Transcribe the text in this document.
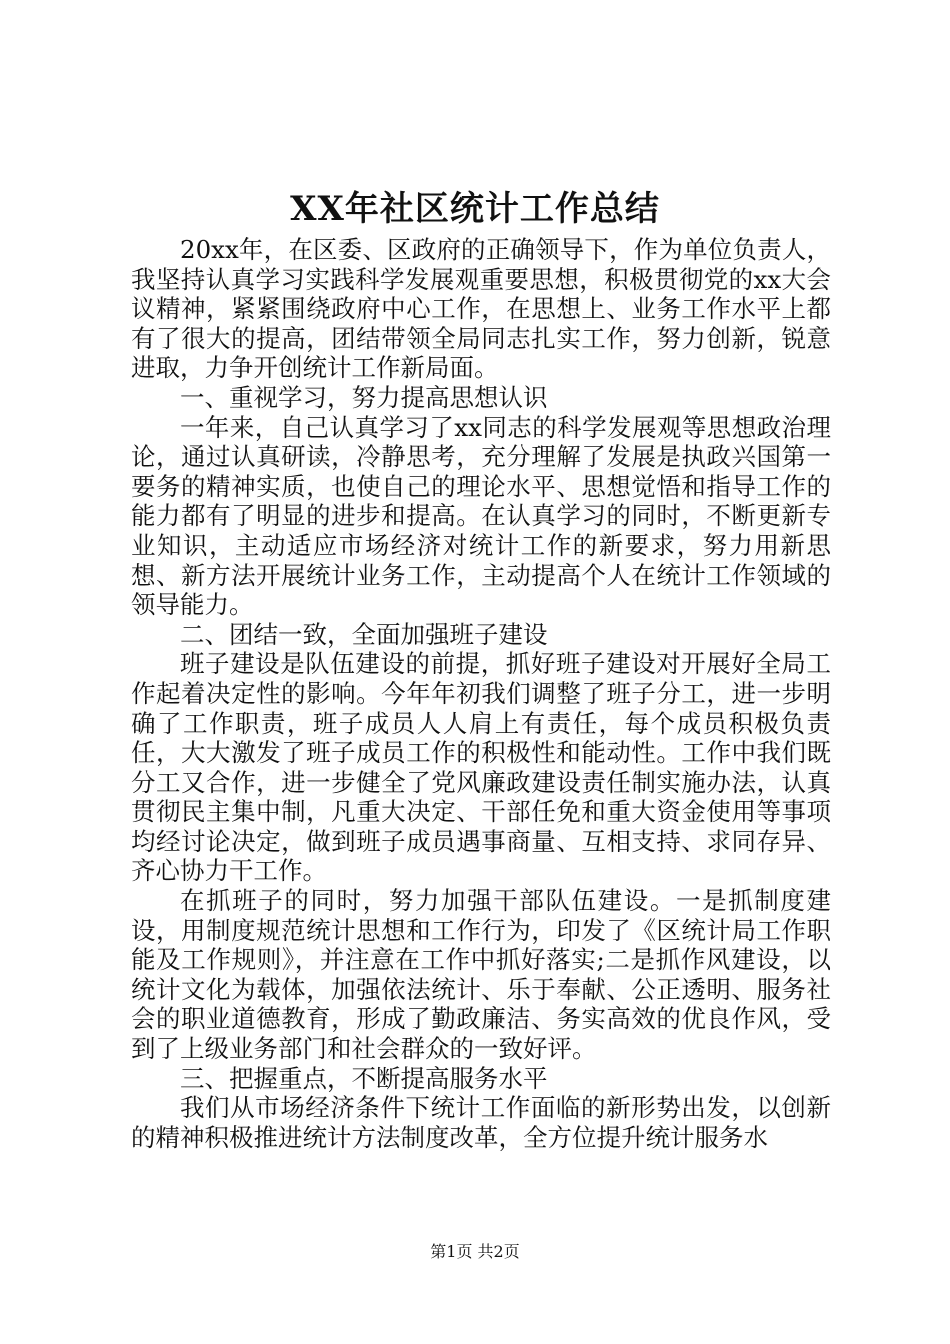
XX年社区统计工作总结

20xx年，在区委、区政府的正确领导下，作为单位负责人，我坚持认真学习实践科学发展观重要思想，积极贯彻党的xx大会议精神，紧紧围绕政府中心工作，在思想上、业务工作水平上都有了很大的提高，团结带领全局同志扎实工作，努力创新，锐意进取，力争开创统计工作新局面。

一、重视学习，努力提高思想认识

一年来，自己认真学习了xx同志的科学发展观等思想政治理论，通过认真研读，冷静思考，充分理解了发展是执政兴国第一要务的精神实质，也使自己的理论水平、思想觉悟和指导工作的能力都有了明显的进步和提高。在认真学习的同时，不断更新专业知识，主动适应市场经济对统计工作的新要求，努力用新思想、新方法开展统计业务工作，主动提高个人在统计工作领域的领导能力。

二、团结一致，全面加强班子建设

班子建设是队伍建设的前提，抓好班子建设对开展好全局工作起着决定性的影响。今年年初我们调整了班子分工，进一步明确了工作职责，班子成员人人肩上有责任，每个成员积极负责任，大大激发了班子成员工作的积极性和能动性。工作中我们既分工又合作，进一步健全了党风廉政建设责任制实施办法，认真贯彻民主集中制，凡重大决定、干部任免和重大资金使用等事项均经讨论决定，做到班子成员遇事商量、互相支持、求同存异、齐心协力干工作。

在抓班子的同时，努力加强干部队伍建设。一是抓制度建设，用制度规范统计思想和工作行为，印发了《区统计局工作职能及工作规则》，并注意在工作中抓好落实;二是抓作风建设，以统计文化为载体，加强依法统计、乐于奉献、公正透明、服务社会的职业道德教育，形成了勤政廉洁、务实高效的优良作风，受到了上级业务部门和社会群众的一致好评。

三、把握重点，不断提高服务水平

我们从市场经济条件下统计工作面临的新形势出发，以创新的精神积极推进统计方法制度改革，全方位提升统计服务水

第1页 共2页
